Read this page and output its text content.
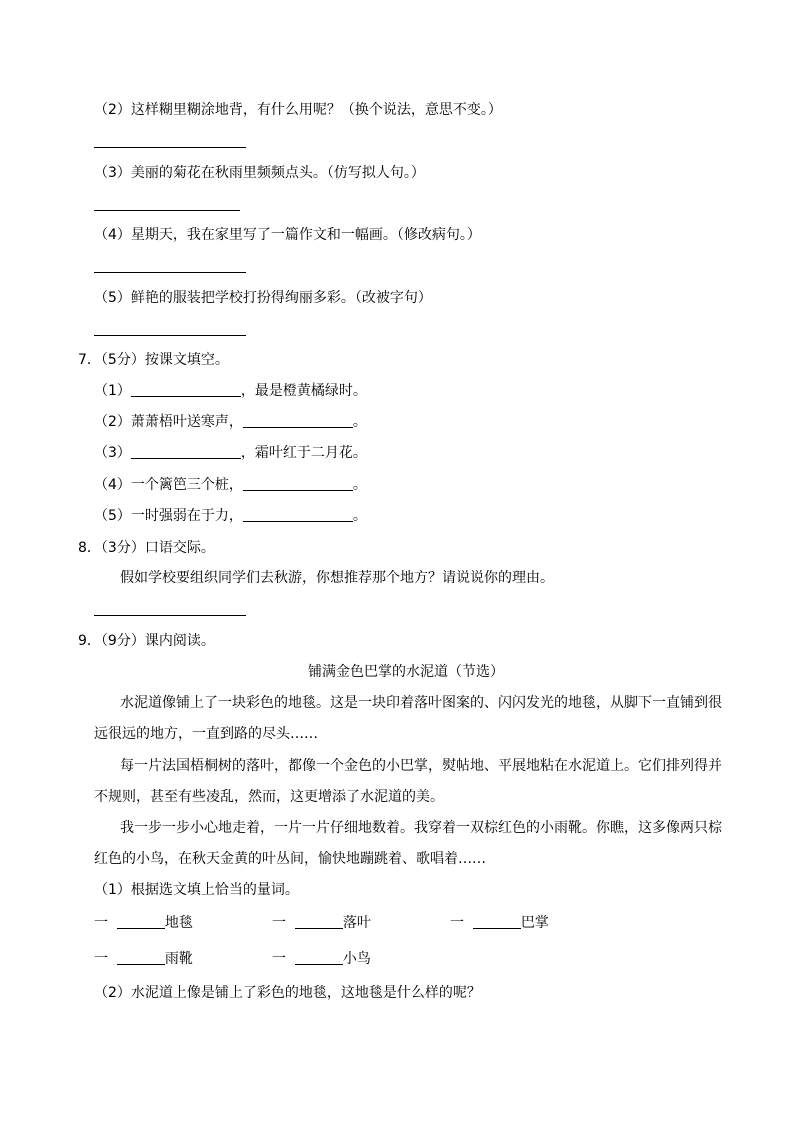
（2）这样糊里糊涂地背，有什么用呢？（换个说法，意思不变。）
（3）美丽的菊花在秋雨里频频点头。（仿写拟人句。）
（4）星期天，我在家里写了一篇作文和一幅画。（修改病句。）
（5）鲜艳的服装把学校打扮得绚丽多彩。（改被字句）
7．（5分）按课文填空。
（1）	，最是橙黄橘绿时。
（2）萧萧梧叶送寒声，	。
（3）	，霜叶红于二月花。
（4）一个篱笆三个桩，	。
（5）一时强弱在于力，	。
8．（3分）口语交际。
假如学校要组织同学们去秋游，你想推荐那个地方？请说说你的理由。
9．（9分）课内阅读。
铺满金色巴掌的水泥道（节选）
水泥道像铺上了一块彩色的地毯。这是一块印着落叶图案的、闪闪发光的地毯，从脚下一直铺到很
远很远的地方，一直到路的尽头……
每一片法国梧桐树的落叶，都像一个金色的小巴掌，熨帖地、平展地粘在水泥道上。它们排列得并
不规则，甚至有些凌乱，然而，这更增添了水泥道的美。
我一步一步小心地走着，一片一片仔细地数着。我穿着一双棕红色的小雨靴。你瞧，这多像两只棕
红色的小鸟，在秋天金黄的叶丛间，愉快地蹦跳着、歌唱着……
（1）根据选文填上恰当的量词。
一	地毯	一	落叶	一	巴掌
一	雨靴	一	小鸟
（2）水泥道上像是铺上了彩色的地毯，这地毯是什么样的呢？
